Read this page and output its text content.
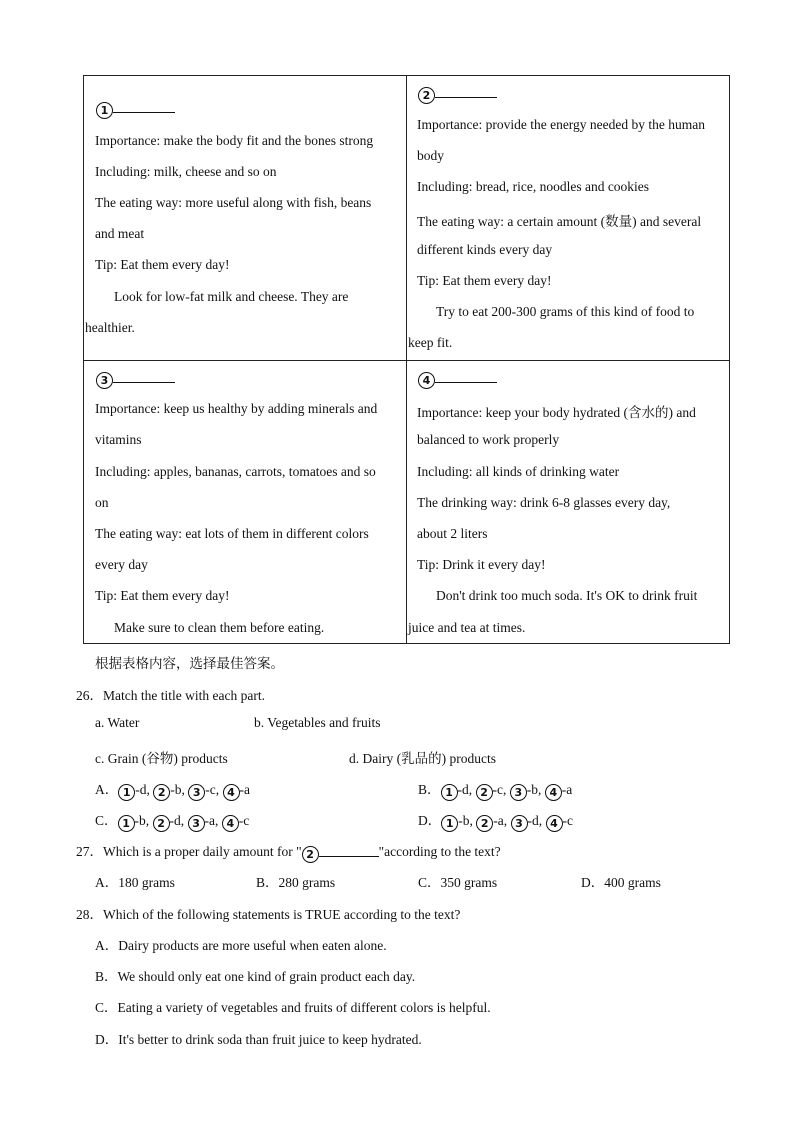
1
Importance: make the body fit and the bones strong
Including: milk, cheese and so on
The eating way: more useful along with fish, beans
and meat
Tip: Eat them every day!
Look for low-fat milk and cheese. They are
healthier.
2
Importance: provide the energy needed by the human
body
Including: bread, rice, noodles and cookies
The eating way: a certain amount (数量) and several
different kinds every day
Tip: Eat them every day!
Try to eat 200-300 grams of this kind of food to
keep fit.
3
Importance: keep us healthy by adding minerals and
vitamins
Including: apples, bananas, carrots, tomatoes and so
on
The eating way: eat lots of them in different colors
every day
Tip: Eat them every day!
Make sure to clean them before eating.
4
Importance: keep your body hydrated (含水的) and
balanced to work properly
Including: all kinds of drinking water
The drinking way: drink 6-8 glasses every day,
about 2 liters
Tip: Drink it every day!
Don't drink too much soda. It's OK to drink fruit
juice and tea at times.
根据表格内容，选择最佳答案。
26．Match the title with each part.
a. Water	b. Vegetables and fruits
c. Grain (谷物) products	d. Dairy (乳品的) products
A． 1 -d, 2 -b, 3 -c, 4 -a	B． 1 -d, 2 -c, 3 -b, 4 -a
C． 1 -b, 2 -d, 3 -a, 4 -c	D． 1 -b, 2 -a, 3 -d, 4 -c
27．Which is a proper daily amount for " 2	"according to the text?
A．180 grams	B．280 grams	C．350 grams	D．400 grams
28．Which of the following statements is TRUE according to the text?
A．Dairy products are more useful when eaten alone.
B．We should only eat one kind of grain product each day.
C．Eating a variety of vegetables and fruits of different colors is helpful.
D．It's better to drink soda than fruit juice to keep hydrated.
